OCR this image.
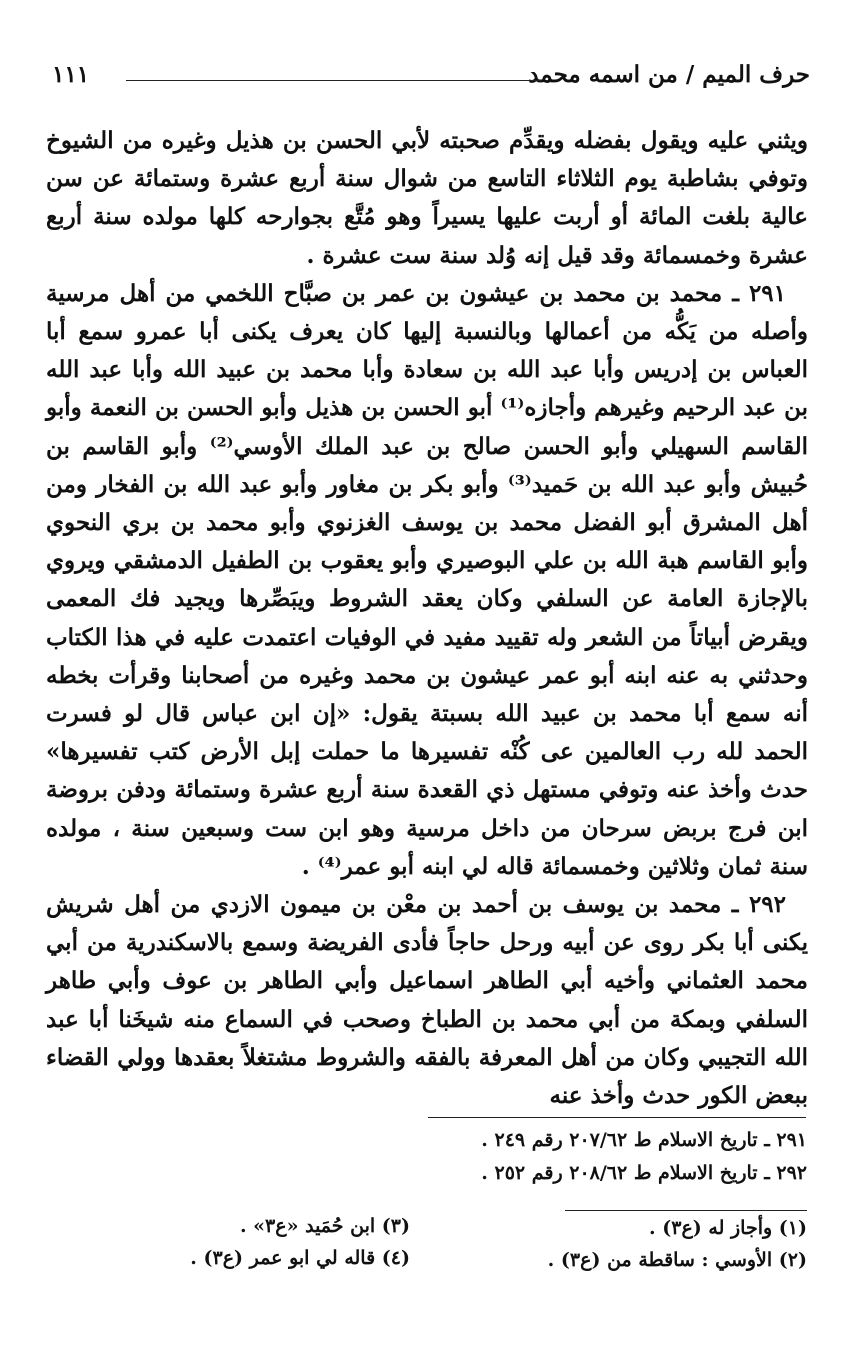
حرف الميم / من اسمه محمد
١١١

ويثني عليه ويقول بفضله ويقدِّم صحبته لأبي الحسن بن هذيل وغيره من الشيوخ وتوفي بشاطبة يوم الثلاثاء التاسع من شوال سنة أربع عشرة وستمائة عن سن عالية بلغت المائة أو أربت عليها يسيراً وهو مُتَّع بجوارحه كلها مولده سنة أربع عشرة وخمسمائة وقد قيل إنه وُلد سنة ست عشرة .

٢٩١ ـ محمد بن محمد بن عيشون بن عمر بن صبَّاح اللخمي من أهل مرسية وأصله من يَكُّه من أعمالها وبالنسبة إليها كان يعرف يكنى أبا عمرو سمع أبا العباس بن إدريس وأبا عبد الله بن سعادة وأبا محمد بن عبيد الله وأبا عبد الله بن عبد الرحيم وغيرهم وأجازه⁽¹⁾ أبو الحسن بن هذيل وأبو الحسن بن النعمة وأبو القاسم السهيلي وأبو الحسن صالح بن عبد الملك الأوسي⁽²⁾ وأبو القاسم بن حُبيش وأبو عبد الله بن حَميد⁽³⁾ وأبو بكر بن مغاور وأبو عبد الله بن الفخار ومن أهل المشرق أبو الفضل محمد بن يوسف الغزنوي وأبو محمد بن بري النحوي وأبو القاسم هبة الله بن علي البوصيري وأبو يعقوب بن الطفيل الدمشقي ويروي بالإجازة العامة عن السلفي وكان يعقد الشروط ويبَصِّرها ويجيد فك المعمى ويقرض أبياتاً من الشعر وله تقييد مفيد في الوفيات اعتمدت عليه في هذا الكتاب وحدثني به عنه ابنه أبو عمر عيشون بن محمد وغيره من أصحابنا وقرأت بخطه أنه سمع أبا محمد بن عبيد الله بسبتة يقول: «إن ابن عباس قال لو فسرت الحمد لله رب العالمين عى كُنْه تفسيرها ما حملت إبل الأرض كتب تفسيرها» حدث وأخذ عنه وتوفي مستهل ذي القعدة سنة أربع عشرة وستمائة ودفن بروضة ابن فرج بربض سرحان من داخل مرسية وهو ابن ست وسبعين سنة ، مولده سنة ثمان وثلاثين وخمسمائة قاله لي ابنه أبو عمر⁽⁴⁾ .

٢٩٢ ـ محمد بن يوسف بن أحمد بن معْن بن ميمون الازدي من أهل شريش يكنى أبا بكر روى عن أبيه ورحل حاجاً فأدى الفريضة وسمع بالاسكندرية من أبي محمد العثماني وأخيه أبي الطاهر اسماعيل وأبي الطاهر بن عوف وأبي طاهر السلفي وبمكة من أبي محمد بن الطباخ وصحب في السماع منه شيخَنا أبا عبد الله التجيبي وكان من أهل المعرفة بالفقه والشروط مشتغلاً بعقدها وولي القضاء ببعض الكور حدث وأخذ عنه

٢٩١ ـ تاريخ الاسلام ط ٢٠٧/٦٢ رقم ٢٤٩ .
٢٩٢ ـ تاريخ الاسلام ط ٢٠٨/٦٢ رقم ٢٥٢ .
(١) وأجاز له (ع٣) .
(٢) الأوسي : ساقطة من (ع٣) .
(٣) ابن حُمَيد «ع٣» .
(٤) قاله لي ابو عمر (ع٣) .
